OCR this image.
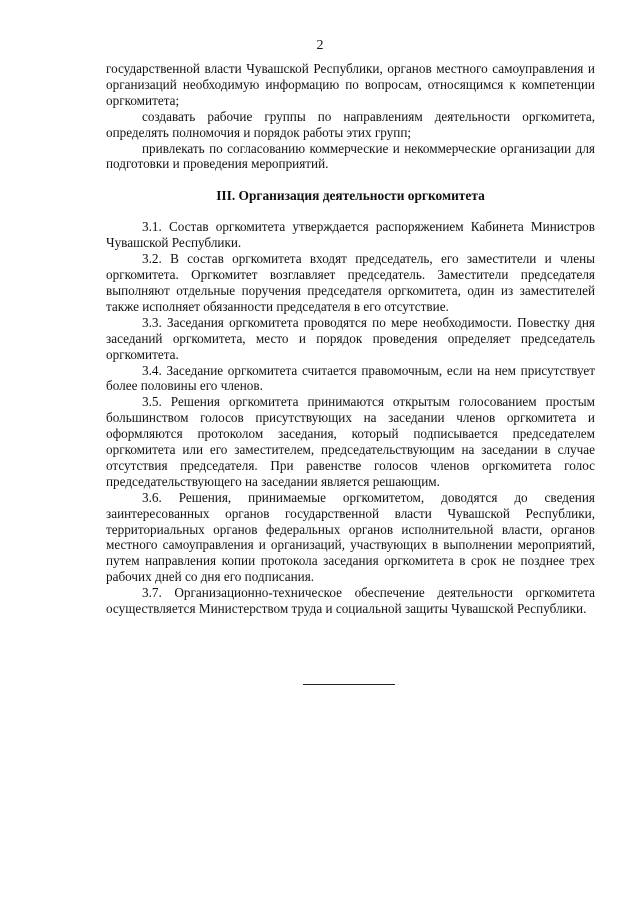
2

государственной власти Чувашской Республики, органов местного самоуправления и организаций необходимую информацию по вопросам, относящимся к компетенции оргкомитета;

создавать рабочие группы по направлениям деятельности оргкомитета, определять полномочия и порядок работы этих групп;

привлекать по согласованию коммерческие и некоммерческие организации для подготовки и проведения мероприятий.

III. Организация деятельности оргкомитета

3.1. Состав оргкомитета утверждается распоряжением Кабинета Министров Чувашской Республики.

3.2. В состав оргкомитета входят председатель, его заместители и члены оргкомитета. Оргкомитет возглавляет председатель. Заместители председателя выполняют отдельные поручения председателя оргкомитета, один из заместителей также исполняет обязанности председателя в его отсутствие.

3.3. Заседания оргкомитета проводятся по мере необходимости. Повестку дня заседаний оргкомитета, место и порядок проведения определяет председатель оргкомитета.

3.4. Заседание оргкомитета считается правомочным, если на нем присутствует более половины его членов.

3.5. Решения оргкомитета принимаются открытым голосованием простым большинством голосов присутствующих на заседании членов оргкомитета и оформляются протоколом заседания, который подписывается председателем оргкомитета или его заместителем, председательствующим на заседании в случае отсутствия председателя. При равенстве голосов членов оргкомитета голос председательствующего на заседании является решающим.

3.6. Решения, принимаемые оргкомитетом, доводятся до сведения заинтересованных органов государственной власти Чувашской Республики, территориальных органов федеральных органов исполнительной власти, органов местного самоуправления и организаций, участвующих в выполнении мероприятий, путем направления копии протокола заседания оргкомитета в срок не позднее трех рабочих дней со дня его подписания.

3.7. Организационно-техническое обеспечение деятельности оргкомитета осуществляется Министерством труда и социальной защиты Чувашской Республики.
